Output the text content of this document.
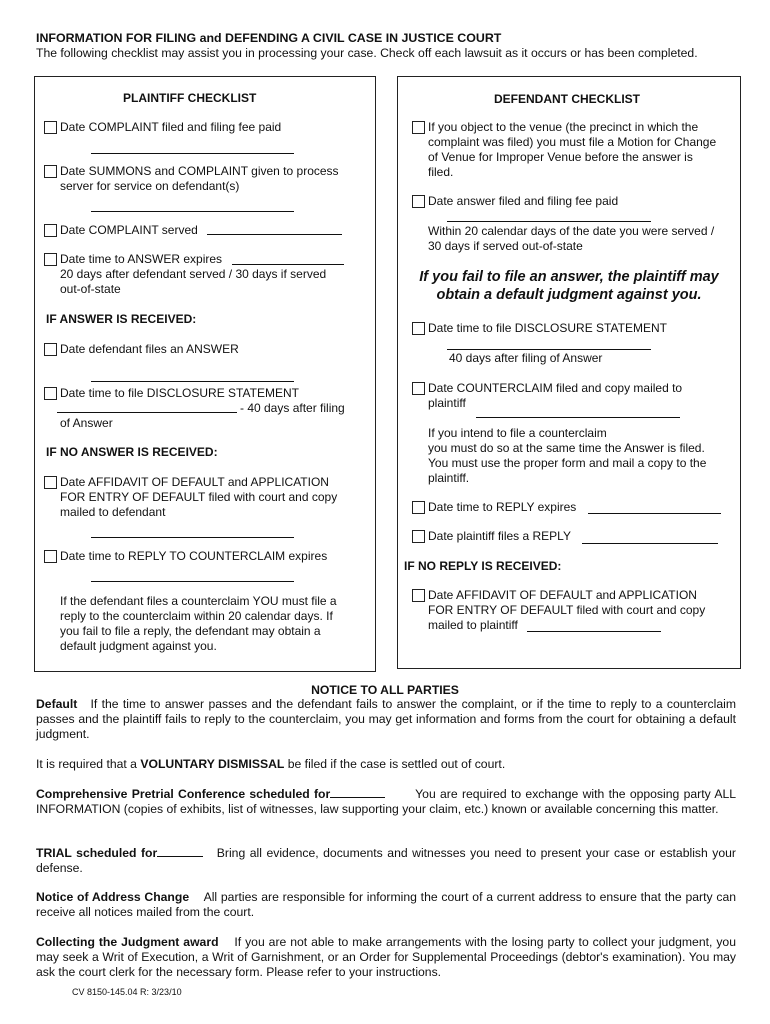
INFORMATION FOR FILING and DEFENDING A CIVIL CASE IN JUSTICE COURT
The following checklist may assist you in processing your case. Check off each lawsuit as it occurs or has been completed.
PLAINTIFF CHECKLIST
Date COMPLAINT filed and filing fee paid
Date SUMMONS and COMPLAINT given to process
server for service on defendant(s)
Date COMPLAINT served
Date time to ANSWER expires
20 days after defendant served / 30 days if served
out-of-state
IF ANSWER IS RECEIVED:
Date defendant files an ANSWER
Date time to file DISCLOSURE STATEMENT
- 40 days after filing
of Answer
IF NO ANSWER IS RECEIVED:
Date AFFIDAVIT OF DEFAULT and APPLICATION
FOR ENTRY OF DEFAULT filed with court and copy
mailed to defendant
Date time to REPLY TO COUNTERCLAIM expires
If the defendant files a counterclaim YOU must file a
reply to the counterclaim within 20 calendar days. If
you fail to file a reply, the defendant may obtain a
default judgment against you.
DEFENDANT CHECKLIST
If you object to the venue (the precinct in which the
complaint was filed) you must file a Motion for Change
of Venue for Improper Venue before the answer is
filed.
Date answer filed and filing fee paid
Within 20 calendar days of the date you were served /
30 days if served out-of-state
If you fail to file an answer, the plaintiff may
obtain a default judgment against you.
Date time to file DISCLOSURE STATEMENT
40 days after filing of Answer
Date COUNTERCLAIM filed and copy mailed to
plaintiff
If you intend to file a counterclaim
you must do so at the same time the Answer is filed.
You must use the proper form and mail a copy to the
plaintiff.
Date time to REPLY expires
Date plaintiff files a REPLY
IF NO REPLY IS RECEIVED:
Date AFFIDAVIT OF DEFAULT and APPLICATION
FOR ENTRY OF DEFAULT filed with court and copy
mailed to plaintiff
NOTICE TO ALL PARTIES
Default If the time to answer passes and the defendant fails to answer the complaint, or if the time to reply to a counterclaim passes and the plaintiff fails to reply to the counterclaim, you may get information and forms from the court for obtaining a default judgment.
It is required that a VOLUNTARY DISMISSAL be filed if the case is settled out of court.
Comprehensive Pretrial Conference scheduled for	You are required to exchange with the opposing party ALL INFORMATION (copies of exhibits, list of witnesses, law supporting your claim, etc.) known or available concerning this matter.
TRIAL scheduled for	Bring all evidence, documents and witnesses you need to present your case or establish your defense.
Notice of Address Change All parties are responsible for informing the court of a current address to ensure that the party can receive all notices mailed from the court.
Collecting the Judgment award If you are not able to make arrangements with the losing party to collect your judgment, you may seek a Writ of Execution, a Writ of Garnishment, or an Order for Supplemental Proceedings (debtor's examination). You may ask the court clerk for the necessary form. Please refer to your instructions.
CV 8150-145.04 R: 3/23/10
